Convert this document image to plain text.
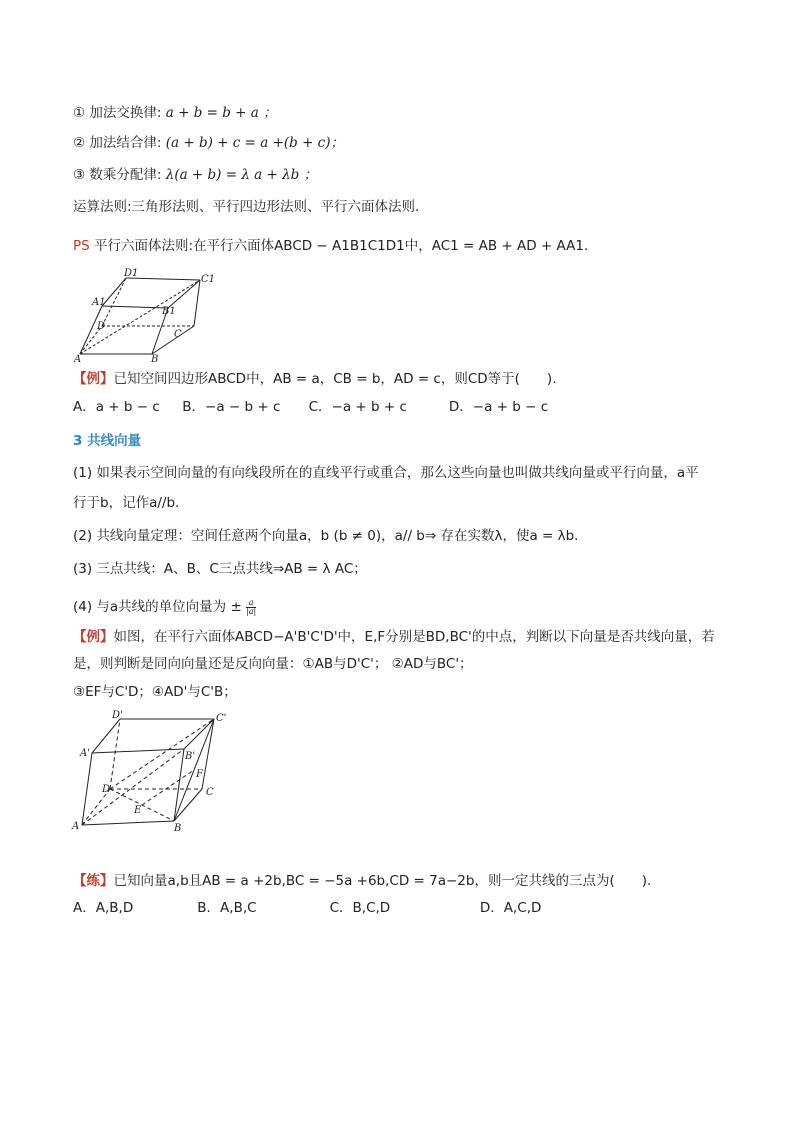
① 加法交换律: a + b = b + a ；
② 加法结合律: (a + b) + c = a +(b + c)；
③ 数乘分配律: λ(a + b) = λ a + λb ；
运算法则:三角形法则、平行四边形法则、平行六面体法则.
PS 平行六面体法则:在平行六面体ABCD − A1B1C1D1中，AC1 = AB + AD + AA1.
D1
C1
A1
B1
D
C
A	B
【例】已知空间四边形ABCD中，AB = a，CB = b，AD = c，则CD等于(　　).
A．a + b − c B．−a − b + c C．−a + b + c	D．−a + b − c
3 共线向量
(1) 如果表示空间向量的有向线段所在的直线平行或重合，那么这些向量也叫做共线向量或平行向量，a平
行于b，记作a//b.
(2) 共线向量定理：空间任意两个向量a，b (b ≠ 0)，a// b⇒ 存在实数λ，使a = λb.
(3) 三点共线：A、B、C三点共线⇒AB = λ AC；
(4) 与a共线的单位向量为 ± $\frac{a}{|a|}$
【例】如图，在平行六面体ABCD−A'B'C'D'中，E,F分别是BD,BC'的中点，判断以下向量是否共线向量，若
是，则判断是同向向量还是反向向量：①AB与D'C'； ②AD与BC'；
③EF与C'D；④AD'与C'B；
D'	C'
A'	B'
D	C
F
E
A	B
【练】已知向量a,b且AB = a +2b,BC = −5a +6b,CD = 7a−2b，则一定共线的三点为(　　).
A．A,B,D	B．A,B,C	C．B,C,D	D．A,C,D
